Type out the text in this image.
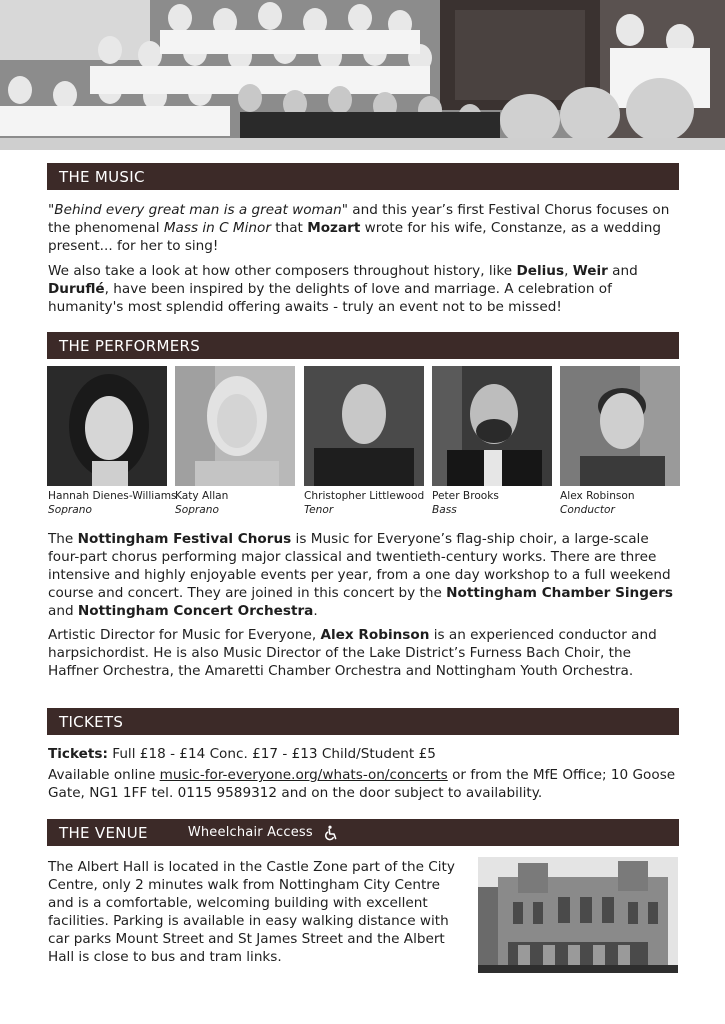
THE MUSIC

"Behind every great man is a great woman" and this year’s first Festival Chorus focuses on the phenomenal Mass in C Minor that Mozart wrote for his wife, Constanze, as a wedding present... for her to sing!

We also take a look at how other composers throughout history, like Delius, Weir and Duruflé, have been inspired by the delights of love and marriage. A celebration of humanity's most splendid offering awaits - truly an event not to be missed!

THE PERFORMERS
Hannah Dienes-Williams
Soprano
Katy Allan
Soprano
Christopher Littlewood
Tenor
Peter Brooks
Bass
Alex Robinson
Conductor

The Nottingham Festival Chorus is Music for Everyone’s flag-ship choir, a large-scale four-part chorus performing major classical and twentieth-century works. There are three intensive and highly enjoyable events per year, from a one day workshop to a full weekend course and concert. They are joined in this concert by the Nottingham Chamber Singers and Nottingham Concert Orchestra.

Artistic Director for Music for Everyone, Alex Robinson is an experienced conductor and harpsichordist. He is also Music Director of the Lake District’s Furness Bach Choir, the Haffner Orchestra, the Amaretti Chamber Orchestra and Nottingham Youth Orchestra.

TICKETS

Tickets: Full £18 - £14 Conc. £17 - £13 Child/Student £5

Available online music-for-everyone.org/whats-on/concerts or from the MfE Office; 10 Goose Gate, NG1 1FF tel. 0115 9589312 and on the door subject to availability.

THE VENUE	Wheelchair Access

The Albert Hall is located in the Castle Zone part of the City Centre, only 2 minutes walk from Nottingham City Centre and is a comfortable, welcoming building with excellent facilities. Parking is available in easy walking distance with car parks Mount Street and St James Street and the Albert Hall is close to bus and tram links.
